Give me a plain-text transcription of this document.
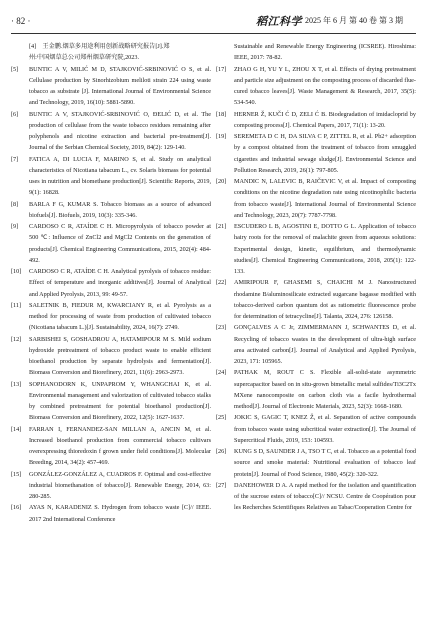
· 82 ·	稻江科学 2025 年 6 月 第 40 卷 第 3 期

[4]　王金鹏.烟草多用途利用创新战略研究报告[J].郑

州:中国烟草总公司郑州烟草研究院,2023.

[5] BUNTIC A V, MILIĆ M D, STAJKOVIĆ-SRBINOVIĆ O S, et al. Cellulase production by Sinorhizobium meliloti strain 224 using waste tobacco as substrate [J]. International Journal of Environmental Science and Technology, 2019, 16(10): 5881-5890.

[6] BUNTIC A V, STAJKOVIĆ-SRBINOVIĆ O, ĐELIĆ D, et al. The production of cellulase from the waste tobacco residues remaining after polyphenols and nicotine extraction and bacterial pre-treatment[J]. Journal of the Serbian Chemical Society, 2019, 84(2): 129-140.

[7] FATICA A, DI LUCIA F, MARINO S, et al. Study on analytical characteristics of Nicotiana tabacum L., cv. Solaris biomass for potential uses in nutrition and biomethane production[J]. Scientific Reports, 2019, 9(1): 16828.

[8] BARLA F G, KUMAR S. Tobacco biomass as a source of advanced biofuels[J]. Biofuels, 2019, 10(3): 335-346.

[9] CARDOSO C R, ATAÍDE C H. Micropyrolysis of tobacco powder at 500 ℃: Influence of ZnCl2 and MgCl2 Contents on the generation of products[J]. Chemical Engineering Communications, 2015, 202(4): 484-492.

[10] CARDOSO C R, ATAÍDE C H. Analytical pyrolysis of tobacco residue: Effect of temperature and inorganic additives[J]. Journal of Analytical and Applied Pyrolysis, 2013, 99: 49-57.

[11] SALETNIK B, FIEDUR M, KWARCIANY R, et al. Pyrolysis as a method for processing of waste from production of cultivated tobacco (Nicotiana tabacum L.)[J]. Sustainability, 2024, 16(7): 2749.

[12] SARBISHEI S, GOSHADROU A, HATAMIPOUR M S. Mild sodium hydroxide pretreatment of tobacco product waste to enable efficient bioethanol production by separate hydrolysis and fermentation[J]. Biomass Conversion and Biorefinery, 2021, 11(6): 2963-2973.

[13] SOPHANODORN K, UNPAPROM Y, WHANGCHAI K, et al. Environmental management and valorization of cultivated tobacco stalks by combined pretreatment for potential bioethanol production[J]. Biomass Conversion and Biorefinery, 2022, 12(5): 1627-1637.

[14] FARRAN I, FERNANDEZ-SAN MILLAN A, ANCIN M, et al. Increased bioethanol production from commercial tobacco cultivars overexpressing thioredoxin f grown under field conditions[J]. Molecular Breeding, 2014, 34(2): 457-469.

[15] GONZÁLEZ-GONZÁLEZ A, CUADROS F. Optimal and cost-effective industrial biomethanation of tobacco[J]. Renewable Energy, 2014, 63: 280-285.

[16] AYAS N, KARADENIZ S. Hydrogen from tobacco waste [C]// IEEE. 2017 2nd International Conference

Sustainable and Renewable Energy Engineering (ICSREE). Hiroshima: IEEE, 2017: 78-82.

[17] ZHAO G H, YU Y L, ZHOU X T, et al. Effects of drying pretreatment and particle size adjustment on the composting process of discarded flue-cured tobacco leaves[J]. Waste Management & Research, 2017, 35(5): 534-540.

[18] HERNER Ž, KUČI Ć D, ZELI Ć B. Biodegradation of imidacloprid by composting process[J]. Chemical Papers, 2017, 71(1): 13-20.

[19] SEREMETA D C H, DA SILVA C P, ZITTEL R, et al. Pb2+ adsorption by a compost obtained from the treatment of tobacco from smuggled cigarettes and industrial sewage sludge[J]. Environmental Science and Pollution Research, 2019, 26(1): 797-805.

[20] MANDIC N, LALEVIC B, RAIČEVIC V, et al. Impact of composting conditions on the nicotine degradation rate using nicotinophilic bacteria from tobacco waste[J]. International Journal of Environmental Science and Technology, 2023, 20(7): 7787-7798.

[21] ESCUDERO L B, AGOSTINI E, DOTTO G L. Application of tobacco hairy roots for the removal of malachite green from aqueous solutions: Experimental design, kinetic, equilibrium, and thermodynamic studies[J]. Chemical Engineering Communications, 2018, 205(1): 122-133.

[22] AMIRIPOUR F, GHASEMI S, CHAICHI M J. Nanostructured rhodamine B/aluminosilicate extracted sugarcane bagasse modified with tobacco-derived carbon quantum dot as ratiometric fluorescence probe for determination of tetracycline[J]. Talanta, 2024, 276: 126158.

[23] GONÇALVES A C Jr, ZIMMERMANN J, SCHWANTES D, et al. Recycling of tobacco wastes in the development of ultra-high surface area activated carbon[J]. Journal of Analytical and Applied Pyrolysis, 2023, 171: 105965.

[24] PATHAK M, ROUT C S. Flexible all-solid-state asymmetric supercapacitor based on in situ-grown bimetallic metal sulfides/Ti3C2Tx MXene nanocomposite on carbon cloth via a facile hydrothermal method[J]. Journal of Electronic Materials, 2023, 52(3): 1668-1680.

[25] JOKIC S, GAGIC T, KNEZ Ž, et al. Separation of active compounds from tobacco waste using subcritical water extraction[J]. The Journal of Supercritical Fluids, 2019, 153: 104593.

[26] KUNG S D, SAUNDER J A, TSO T C, et al. Tobacco as a potential food source and smoke material: Nutritional evaluation of tobacco leaf protein[J]. Journal of Food Science, 1980, 45(2): 320-322.

[27] DANEHOWER D A. A rapid method for the isolation and quantification of the sucrose esters of tobacco[C]// NCSU. Centre de Coopération pour les Recherches Scientifiques Relatives au Tabac/Cooperation Centre for
